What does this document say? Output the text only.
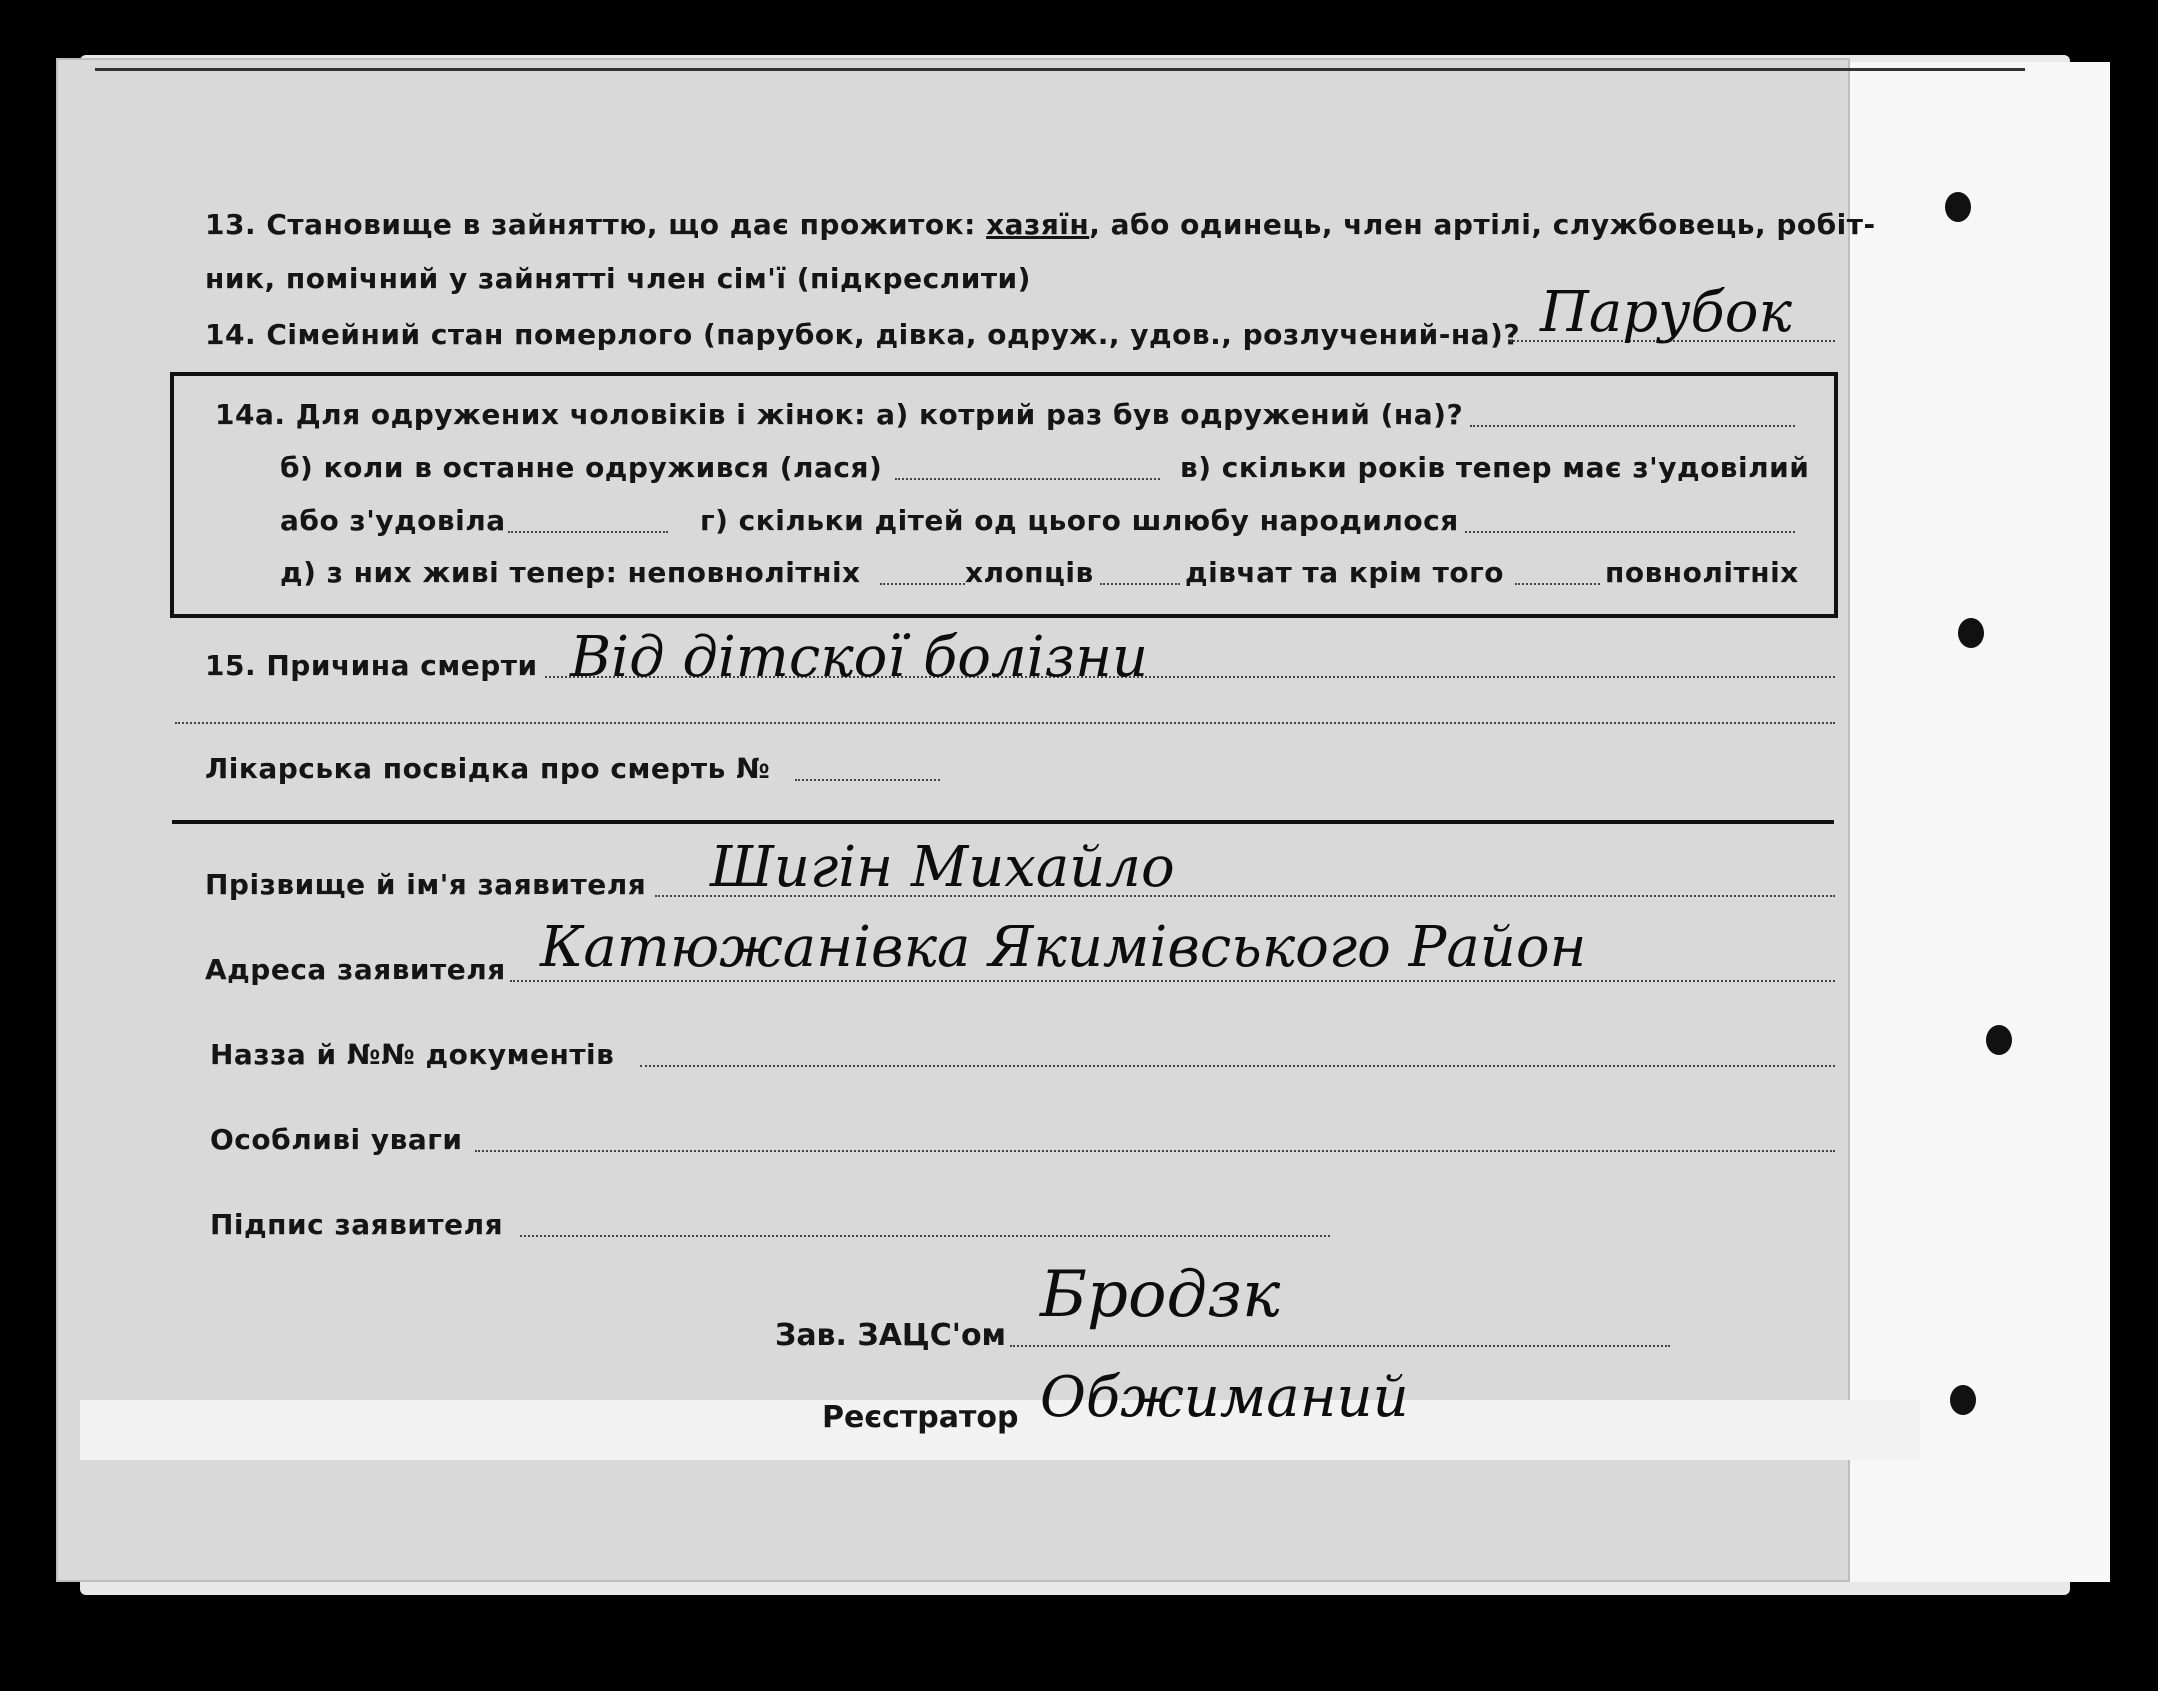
13. Становище в зайняттю, що дає прожиток: хазяїн, або одинець, член артілі, службовець, робіт-
ник, помічний у зайнятті член сім'ї (підкреслити)
14. Сімейний стан померлого (парубок, дівка, одруж., удов., розлучений-на)? Парубок
14а. Для одружених чоловіків і жінок: а) котрий раз був одружений (на)?
б) коли в останне одружився (лася)	в) скільки років тепер має з'удовілий
або з'удовіла	г) скільки дітей од цього шлюбу народилося
д) з них живі тепер: неповнолітніх	хлопців	дівчат та крім того	повнолітніх
15. Причина смерти Від дітскої болізни
Лікарська посвідка про смерть №
Прізвище й ім'я заявителя Шигін Михайло
Адреса заявителя Катюжанівка Якимівського Район
Назза й №№ документів
Особливі уваги
Підпис заявителя
Зав. ЗАЦС'ом
Бродзк
Реєстратор Обжиманий
